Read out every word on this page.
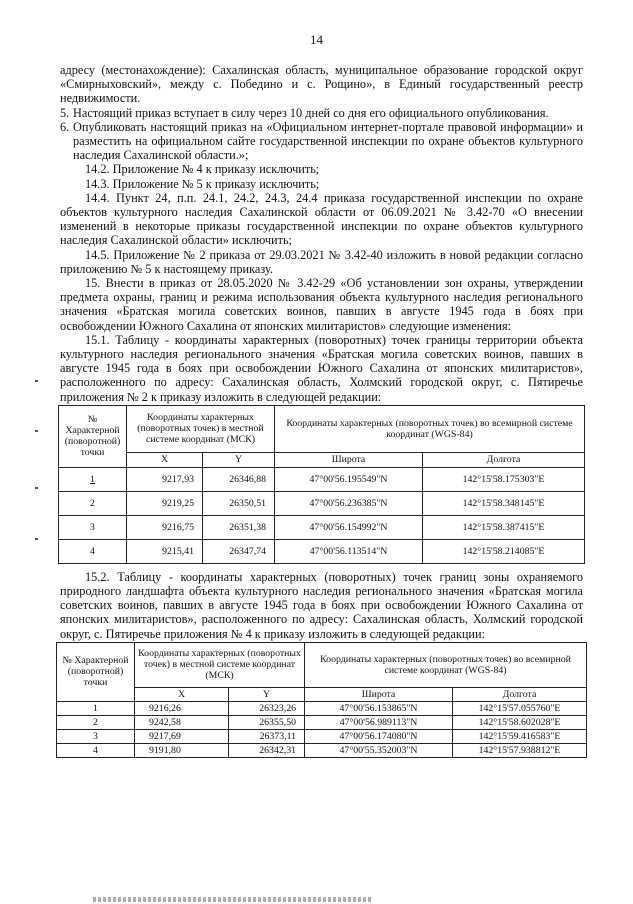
14

адресу (местонахождение): Сахалинская область, муниципальное образование городской округ «Смирныховский», между с. Победино и с. Рощино», в Единый государственный реестр недвижимости.

5. Настоящий приказ вступает в силу через 10 дней со дня его официального опубликования.
6. Опубликовать настоящий приказ на «Официальном интернет-портале правовой информации» и разместить на официальном сайте государственной инспекции по охране объектов культурного наследия Сахалинской области.»;

14.2. Приложение № 4 к приказу исключить;

14.3. Приложение № 5 к приказу исключить;

14.4. Пункт 24, п.п. 24.1, 24.2, 24.3, 24.4 приказа государственной инспекции по охране объектов культурного наследия Сахалинской области от 06.09.2021 № 3.42-70 «О внесении изменений в некоторые приказы государственной инспекции по охране объектов культурного наследия Сахалинской области» исключить;

14.5. Приложение № 2 приказа от 29.03.2021 № 3.42-40 изложить в новой редакции согласно приложению № 5 к настоящему приказу.

15. Внести в приказ от 28.05.2020 № 3.42-29 «Об установлении зон охраны, утверждении предмета охраны, границ и режима использования объекта культурного наследия регионального значения «Братская могила советских воинов, павших в августе 1945 года в боях при освобождении Южного Сахалина от японских милитаристов» следующие изменения:

15.1. Таблицу - координаты характерных (поворотных) точек границы территории объекта культурного наследия регионального значения «Братская могила советских воинов, павших в августе 1945 года в боях при освобождении Южного Сахалина от японских милитаристов», расположенного по адресу: Сахалинская область, Холмский городской округ, с. Пятиречье приложения № 2 к приказу изложить в следующей редакции:

№ Характерной (поворотной) точки	Координаты характерных (поворотных точек) в местной системе координат (МСК)		Координаты характерных (поворотных точек) во всемирной системе координат (WGS-84)	
	X	Y	Широта	Долгота
1	9217,93	26346,88	47°00'56.195549"N	142°15'58.175303"E
2	9219,25	26350,51	47°00'56.236385"N	142°15'58.348145"E
3	9216,75	26351,38	47°00'56.154992"N	142°15'58.387415"E
4	9215,41	26347,74	47°00'56.113514"N	142°15'58.214085"E

15.2. Таблицу - координаты характерных (поворотных) точек границ зоны охраняемого природного ландшафта объекта культурного наследия регионального значения «Братская могила советских воинов, павших в августе 1945 года в боях при освобождении Южного Сахалина от японских милитаристов», расположенного по адресу: Сахалинская область, Холмский городской округ, с. Пятиречье приложения № 4 к приказу изложить в следующей редакции:

№ Характерной (поворотной) точки	Координаты характерных (поворотных точек) в местной системе координат (МСК)		Координаты характерных (поворотных точек) во всемирной системе координат (WGS-84)	
	X	Y	Широта	Долгота
1	9216,26	26323,26	47°00'56.153865"N	142°15'57.055760"E
2	9242,58	26355,50	47°00'56.989113"N	142°15'58.602028"E
3	9217,69	26373,11	47°00'56.174080"N	142°15'59.416583"E
4	9191,80	26342,31	47°00'55.352003"N	142°15'57.938812"E
